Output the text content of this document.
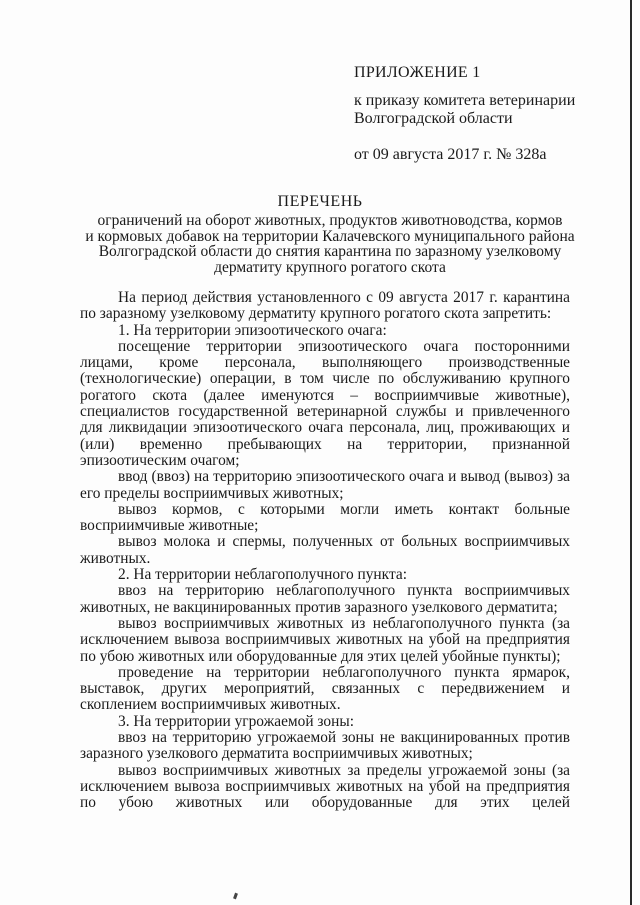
ПРИЛОЖЕНИЕ 1
к приказу комитета ветеринарии
Волгоградской области
от 09 августа 2017 г. № 328а
ПЕРЕЧЕНЬ
ограничений на оборот животных, продуктов животноводства, кормов
и кормовых добавок на территории Калачевского муниципального района
Волгоградской области до снятия карантина по заразному узелковому
дерматиту крупного рогатого скота

На период действия установленного с 09 августа 2017 г. карантина по заразному узелковому дерматиту крупного рогатого скота запретить:

1. На территории эпизоотического очага:

посещение территории эпизоотического очага посторонними лицами, кроме персонала, выполняющего производственные (технологические) операции, в том числе по обслуживанию крупного рогатого скота (далее именуются – восприимчивые животные), специалистов государственной ветеринарной службы и привлеченного для ликвидации эпизоотического очага персонала, лиц, проживающих и (или) временно пребывающих на территории, признанной эпизоотическим очагом;

ввод (ввоз) на территорию эпизоотического очага и вывод (вывоз) за его пределы восприимчивых животных;

вывоз кормов, с которыми могли иметь контакт больные восприимчивые животные;

вывоз молока и спермы, полученных от больных восприимчивых животных.

2. На территории неблагополучного пункта:

ввоз на территорию неблагополучного пункта восприимчивых животных, не вакцинированных против заразного узелкового дерматита;

вывоз восприимчивых животных из неблагополучного пункта (за исключением вывоза восприимчивых животных на убой на предприятия по убою животных или оборудованные для этих целей убойные пункты);

проведение на территории неблагополучного пункта ярмарок, выставок, других мероприятий, связанных с передвижением и скоплением восприимчивых животных.

3. На территории угрожаемой зоны:

ввоз на территорию угрожаемой зоны не вакцинированных против заразного узелкового дерматита восприимчивых животных;

вывоз восприимчивых животных за пределы угрожаемой зоны (за исключением вывоза восприимчивых животных на убой на предприятия по убою животных или оборудованные для этих целей
